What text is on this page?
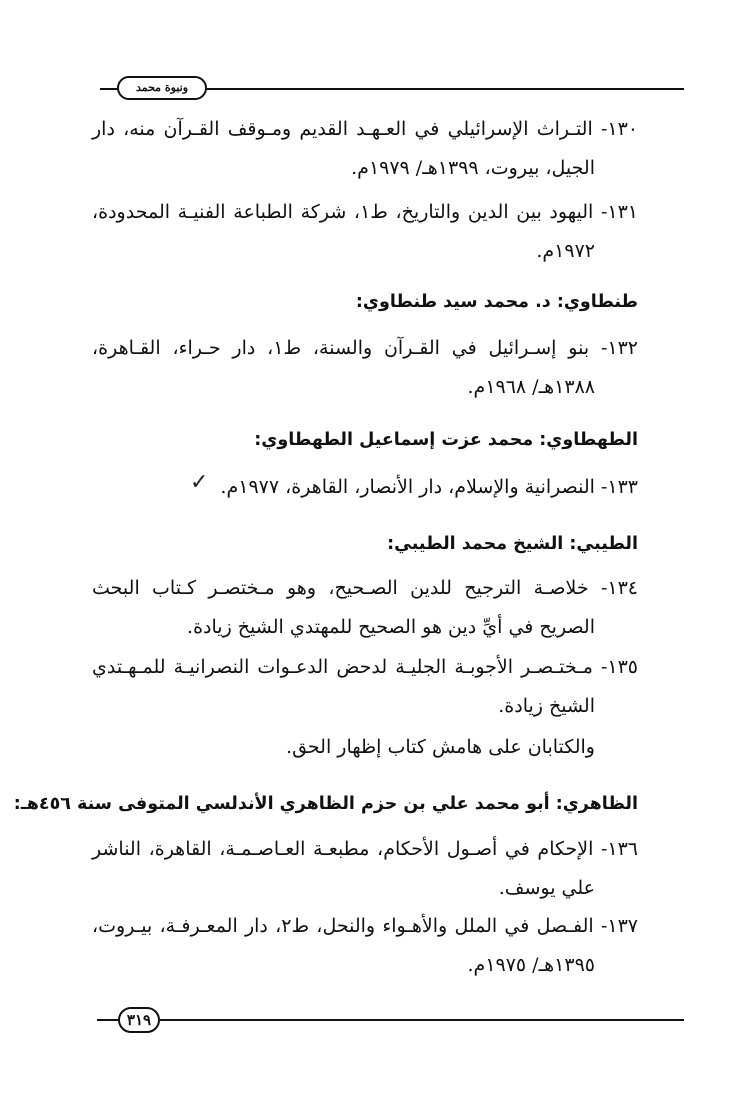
ونبوة محمد
١٣٠- التـراث الإسرائيلي في العـهـد القديم ومـوقف القـرآن منه، دار
الجيل، بيروت، ١٣٩٩هـ/ ١٩٧٩م.
١٣١- اليهود بين الدين والتاريخ، ط١، شركة الطباعة الفنيـة المحدودة،
١٩٧٢م.
طنطاوي: د. محمد سيد طنطاوي:
١٣٢- بنو إسـرائيل في القـرآن والسنة، ط١، دار حـراء، القـاهرة،
١٣٨٨هـ/ ١٩٦٨م.
الطهطاوي: محمد عزت إسماعيل الطهطاوي:
١٣٣- النصرانية والإسلام، دار الأنصار، القاهرة، ١٩٧٧م.
✓
الطيبي: الشيخ محمد الطيبي:
١٣٤- خلاصـة الترجيح للدين الصـحيح، وهو مـختصـر كـتاب البحث
الصريح في أيِّ دين هو الصحيح للمهتدي الشيخ زيادة.
١٣٥- مـختـصـر الأجوبـة الجليـة لدحض الدعـوات النصرانيـة للمـهـتدي
الشيخ زيادة.
والكتابان على هامش كتاب إظهار الحق.
الظاهري: أبو محمد علي بن حزم الظاهري الأندلسي المتوفى سنة ٤٥٦هـ:
١٣٦- الإحكام في أصـول الأحكام، مطبعـة العـاصـمـة، القاهرة، الناشر
علي يوسف.
١٣٧- الفـصل في الملل والأهـواء والنحل، ط٢، دار المعـرفـة، بيـروت،
١٣٩٥هـ/ ١٩٧٥م.
٣١٩
